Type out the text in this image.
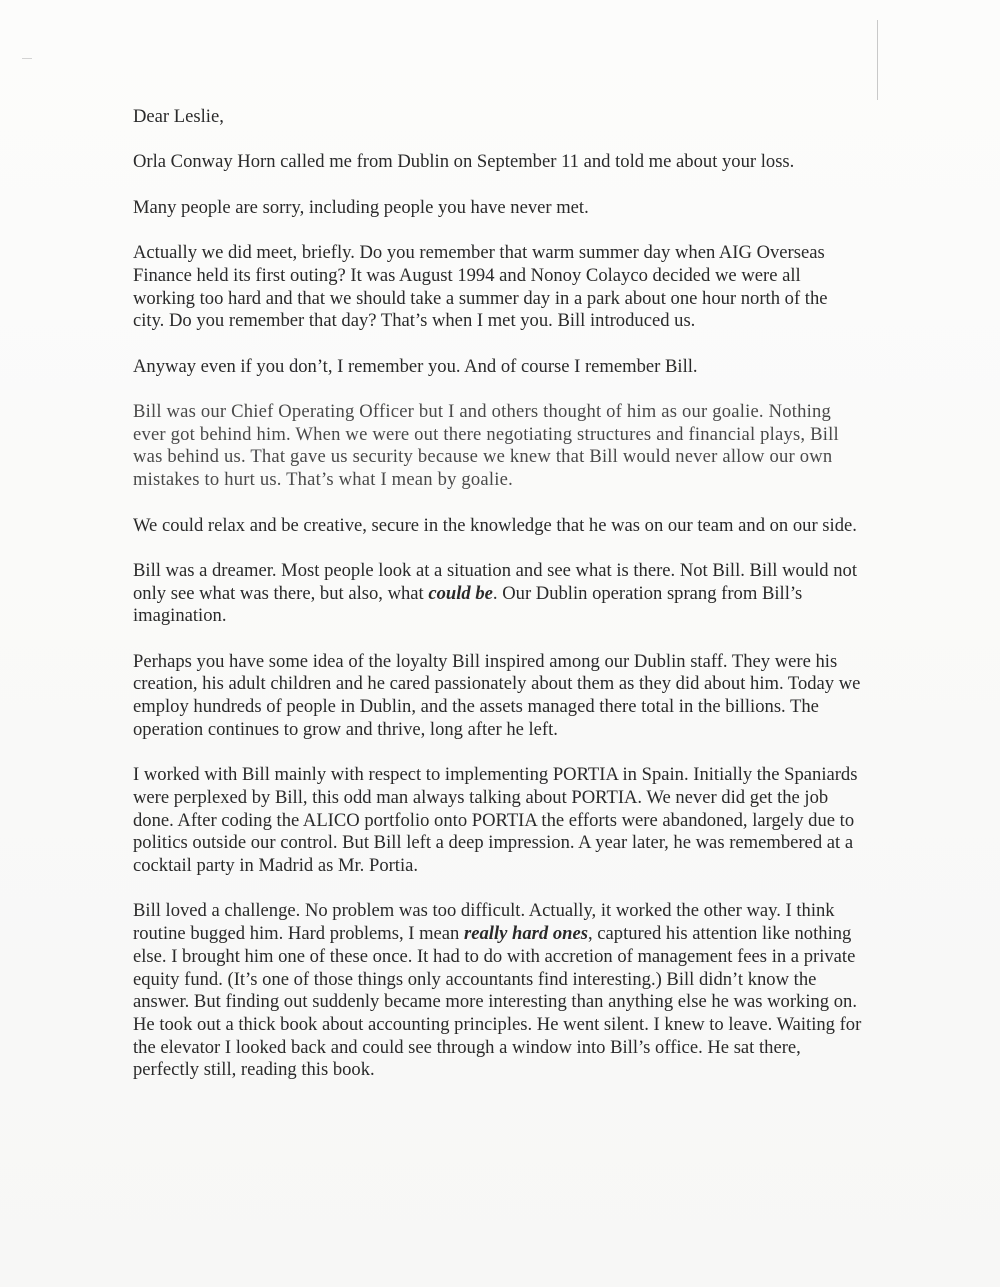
Dear Leslie,

Orla Conway Horn called me from Dublin on September 11 and told me about your loss.

Many people are sorry, including people you have never met.

Actually we did meet, briefly. Do you remember that warm summer day when AIG Overseas Finance held its first outing? It was August 1994 and Nonoy Colayco decided we were all working too hard and that we should take a summer day in a park about one hour north of the city. Do you remember that day? That’s when I met you. Bill introduced us.

Anyway even if you don’t, I remember you. And of course I remember Bill.

Bill was our Chief Operating Officer but I and others thought of him as our goalie. Nothing ever got behind him. When we were out there negotiating structures and financial plays, Bill was behind us. That gave us security because we knew that Bill would never allow our own mistakes to hurt us. That’s what I mean by goalie.

We could relax and be creative, secure in the knowledge that he was on our team and on our side.

Bill was a dreamer. Most people look at a situation and see what is there. Not Bill. Bill would not only see what was there, but also, what could be. Our Dublin operation sprang from Bill’s imagination.

Perhaps you have some idea of the loyalty Bill inspired among our Dublin staff. They were his creation, his adult children and he cared passionately about them as they did about him. Today we employ hundreds of people in Dublin, and the assets managed there total in the billions. The operation continues to grow and thrive, long after he left.

I worked with Bill mainly with respect to implementing PORTIA in Spain. Initially the Spaniards were perplexed by Bill, this odd man always talking about PORTIA. We never did get the job done. After coding the ALICO portfolio onto PORTIA the efforts were abandoned, largely due to politics outside our control. But Bill left a deep impression. A year later, he was remembered at a cocktail party in Madrid as Mr. Portia.

Bill loved a challenge. No problem was too difficult. Actually, it worked the other way. I think routine bugged him. Hard problems, I mean really hard ones, captured his attention like nothing else. I brought him one of these once. It had to do with accretion of management fees in a private equity fund. (It’s one of those things only accountants find interesting.) Bill didn’t know the answer. But finding out suddenly became more interesting than anything else he was working on. He took out a thick book about accounting principles. He went silent. I knew to leave. Waiting for the elevator I looked back and could see through a window into Bill’s office. He sat there, perfectly still, reading this book.
